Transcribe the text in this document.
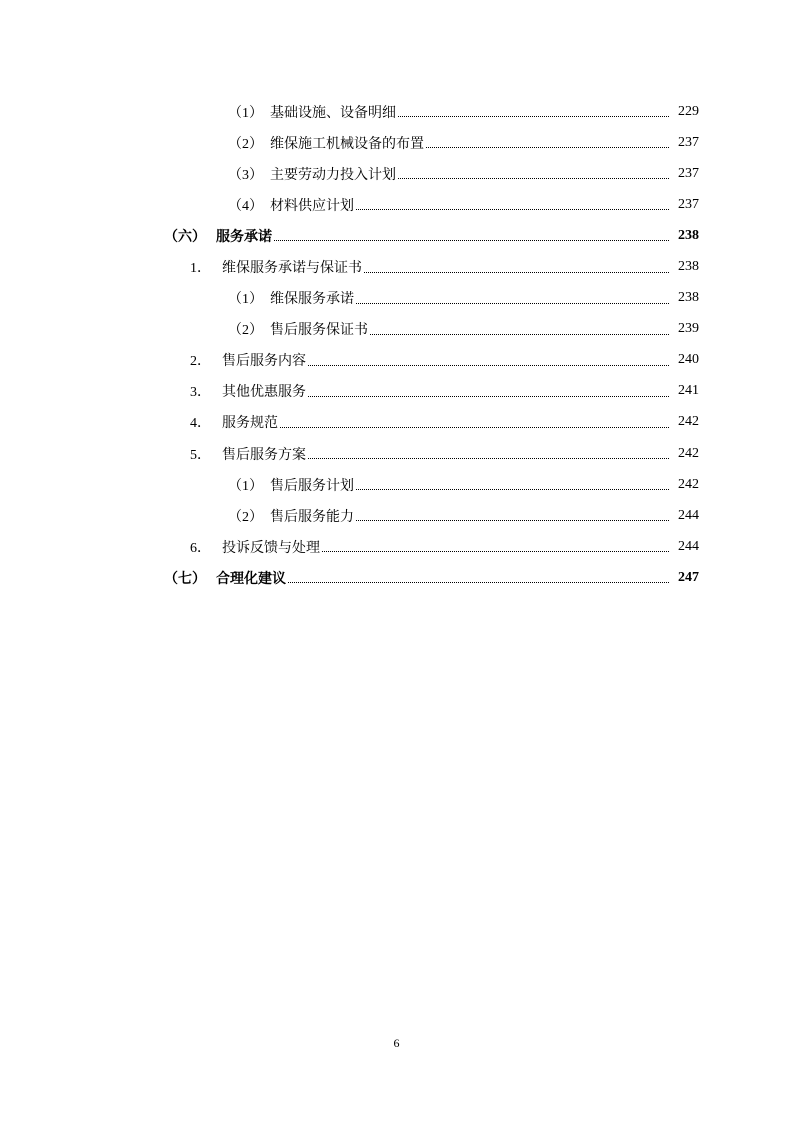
（1） 基础设施、设备明细	229
（2） 维保施工机械设备的布置	237
（3） 主要劳动力投入计划	237
（4） 材料供应计划	237
（六） 服务承诺	238
1． 维保服务承诺与保证书	238
（1） 维保服务承诺	238
（2） 售后服务保证书	239
2． 售后服务内容	240
3． 其他优惠服务	241
4． 服务规范	242
5． 售后服务方案	242
（1） 售后服务计划	242
（2） 售后服务能力	244
6． 投诉反馈与处理	244
（七） 合理化建议	247
6
